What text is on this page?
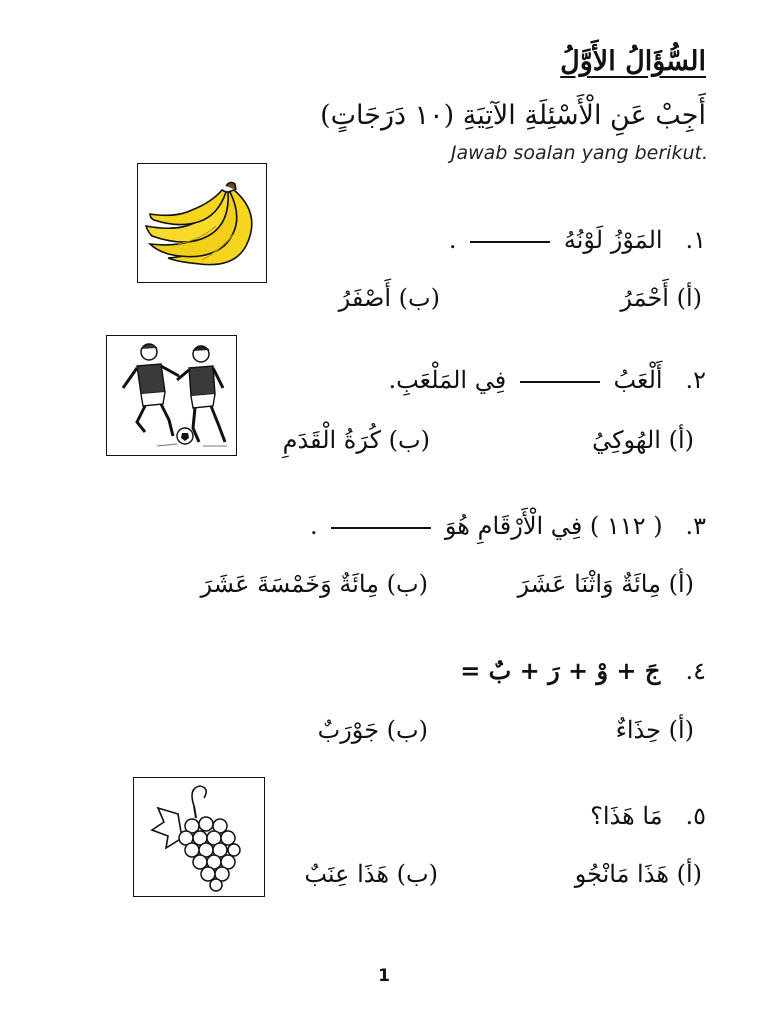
السُّؤَالُ الأَوَّلُ
أَجِبْ عَنِ الْأَسْئِلَةِ الآتِيَةِ (١٠ دَرَجَاتٍ)
Jawab soalan yang berikut.
١.   المَوْزُ لَوْنُهُ  .
(أ) أَحْمَرُ
(ب) أَصْفَرُ
٢.   أَلْعَبُ  فِي المَلْعَبِ.
(أ) الهُوكِيُ
(ب) كُرَةُ الْقَدَمِ
٣.   ( ١١٢ ) فِي الْأَرْقَامِ هُوَ  .
(أ) مِائَةٌ وَاثْنَا عَشَرَ
(ب) مِائَةٌ وَخَمْسَةَ عَشَرَ
٤.   جَ + وْ + رَ + بٌ =
(أ) حِذَاءٌ
(ب) جَوْرَبٌ
٥.   مَا هَذَا؟
(أ) هَذَا مَانْجُو
(ب) هَذَا عِنَبٌ
1
